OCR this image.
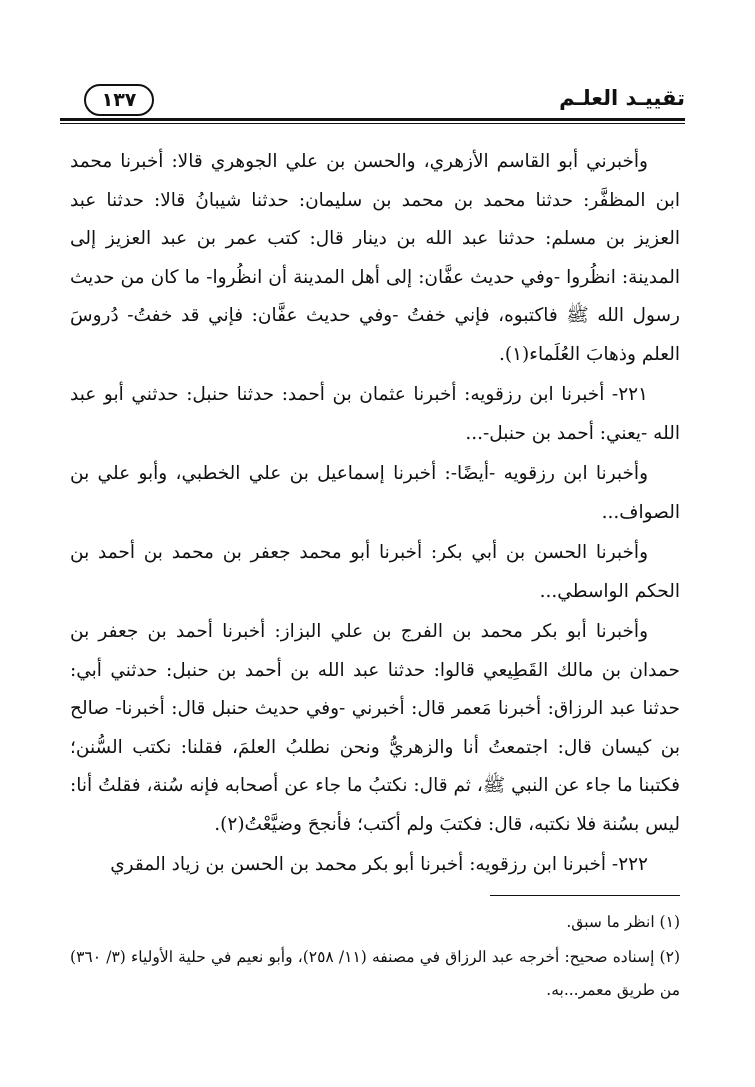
١٣٧	تقييـد العلـم

وأخبرني أبو القاسم الأزهري، والحسن بن علي الجوهري قالا: أخبرنا محمد ابن المظفَّر: حدثنا محمد بن محمد بن سليمان: حدثنا شيبانُ قالا: حدثنا عبد العزيز بن مسلم: حدثنا عبد الله بن دينار قال: كتب عمر بن عبد العزيز إلى المدينة: انظُروا -وفي حديث عفَّان: إلى أهل المدينة أن انظُروا- ما كان من حديث رسول الله ﷺ فاكتبوه، فإني خفتُ -وفي حديث عفَّان: فإني قد خفتُ- دُروسَ العلم وذهابَ العُلَماء(١).

٢٢١- أخبرنا ابن رزقويه: أخبرنا عثمان بن أحمد: حدثنا حنبل: حدثني أبو عبد الله -يعني: أحمد بن حنبل-...

وأخبرنا ابن رزقويه -أيضًا-: أخبرنا إسماعيل بن علي الخطبي، وأبو علي بن الصواف...

وأخبرنا الحسن بن أبي بكر: أخبرنا أبو محمد جعفر بن محمد بن أحمد بن الحكم الواسطي...

وأخبرنا أبو بكر محمد بن الفرج بن علي البزاز: أخبرنا أحمد بن جعفر بن حمدان بن مالك القَطِيعي قالوا: حدثنا عبد الله بن أحمد بن حنبل: حدثني أبي: حدثنا عبد الرزاق: أخبرنا مَعمر قال: أخبرني -وفي حديث حنبل قال: أخبرنا- صالح بن كيسان قال: اجتمعتُ أنا والزهريُّ ونحن نطلبُ العلمَ، فقلنا: نكتب السُّنن؛ فكتبنا ما جاء عن النبي ﷺ، ثم قال: نكتبُ ما جاء عن أصحابه فإنه سُنة، فقلتُ أنا: ليس بسُنة فلا نكتبه، قال: فكتبَ ولم أكتب؛ فأنجحَ وضيَّعْتُ(٢).

٢٢٢- أخبرنا ابن رزقويه: أخبرنا أبو بكر محمد بن الحسن بن زياد المقري

(١) انظر ما سبق.

(٢) إسناده صحيح: أخرجه عبد الرزاق في مصنفه (١١/ ٢٥٨)، وأبو نعيم في حلية الأولياء (٣/ ٣٦٠) من طريق معمر...به.
